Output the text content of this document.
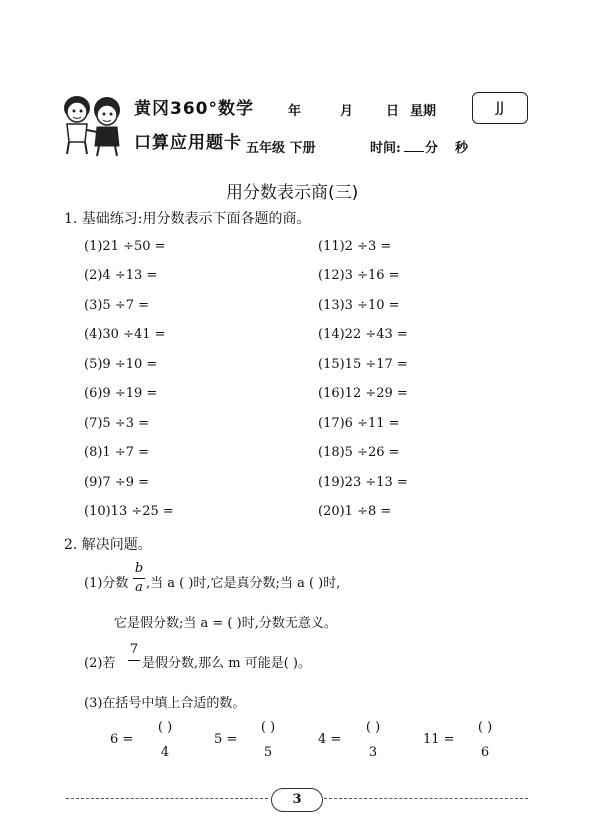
黄冈360°数学
口算应用题卡
年	月	日 星期
五年级 下册	时间: 分 秒
JJ
用分数表示商(三)
1. 基础练习:用分数表示下面各题的商。
(1)21 ÷50 =
(2)4 ÷13 =
(3)5 ÷7 =
(4)30 ÷41 =
(5)9 ÷10 =
(6)9 ÷19 =
(7)5 ÷3 =
(8)1 ÷7 =
(9)7 ÷9 =
(10)13 ÷25 =
(11)2 ÷3 =
(12)3 ÷16 =
(13)3 ÷10 =
(14)22 ÷43 =
(15)15 ÷17 =
(16)12 ÷29 =
(17)6 ÷11 =
(18)5 ÷26 =
(19)23 ÷13 =
(20)1 ÷8 =
2. 解决问题。
(1)分数
b
a ,当 a ( )时,它是真分数;当 a ( )时,
它是假分数;当 a = ( )时,分数无意义。
(2)若
7
是假分数,那么 m 可能是( )。
(3)在括号中填上合适的数。
6 =
( )
4
5 =
( )
5
4 =
( )
3
11 =
( )
6
3
